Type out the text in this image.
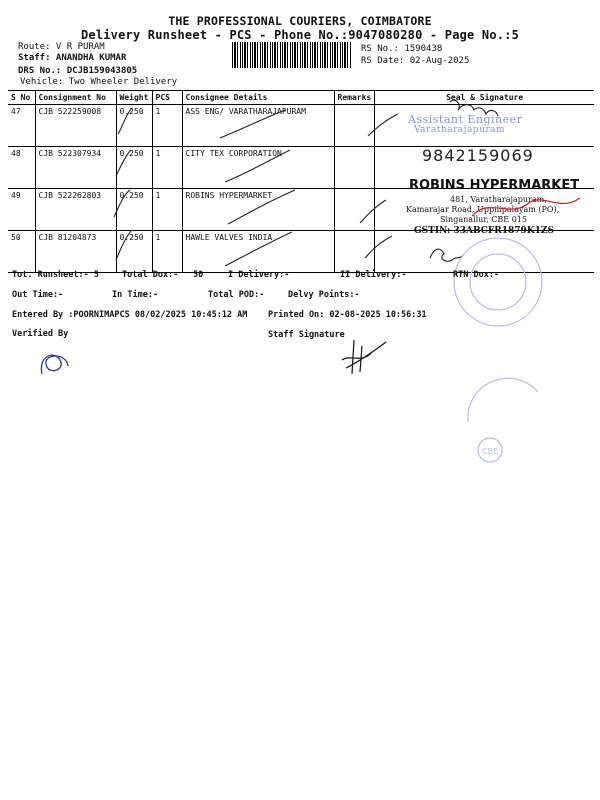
THE PROFESSIONAL COURIERS, COIMBATORE
Delivery Runsheet - PCS - Phone No.:9047080280 - Page No.:5
Route: V R PURAM
Staff: ANANDHA KUMAR
DRS No.: DCJB159043805
Vehicle: Two Wheeler Delivery
RS No.: 1590438
RS Date: 02-Aug-2025
S No	Consignment No	Weight	PCS	Consignee Details	Remarks	Seal & Signature
47	CJB 522259008	0.250	1	ASS ENG/ VARATHARAJAPURAM		
48	CJB 522307934	0.250	1	CITY TEX CORPORATION		
49	CJB 522262803	0.250	1	ROBINS HYPERMARKET		
50	CJB 81204873	0.250	1	HAWLE VALVES INDIA		
Assistant Engineer
Varatharajapuram
9842159069
ROBINS HYPERMARKET
481, Varatharajapuram,
Kamarajar Road, Uppilipalayam (PO),
Singanallur, CBE 015
GSTIN: 33ABCFR1879K1ZS
CBE
Tot. Runsheet:- 5	Total Dox:- 50	I Delivery:-	II Delivery:-	RTN Dox:-
Out Time:-	In Time:-	Total POD:-	Delvy Points:-
Entered By :POORNIMAPCS 08/02/2025 10:45:12 AM Printed On: 02-08-2025 10:56:31
Verified By	Staff Signature
